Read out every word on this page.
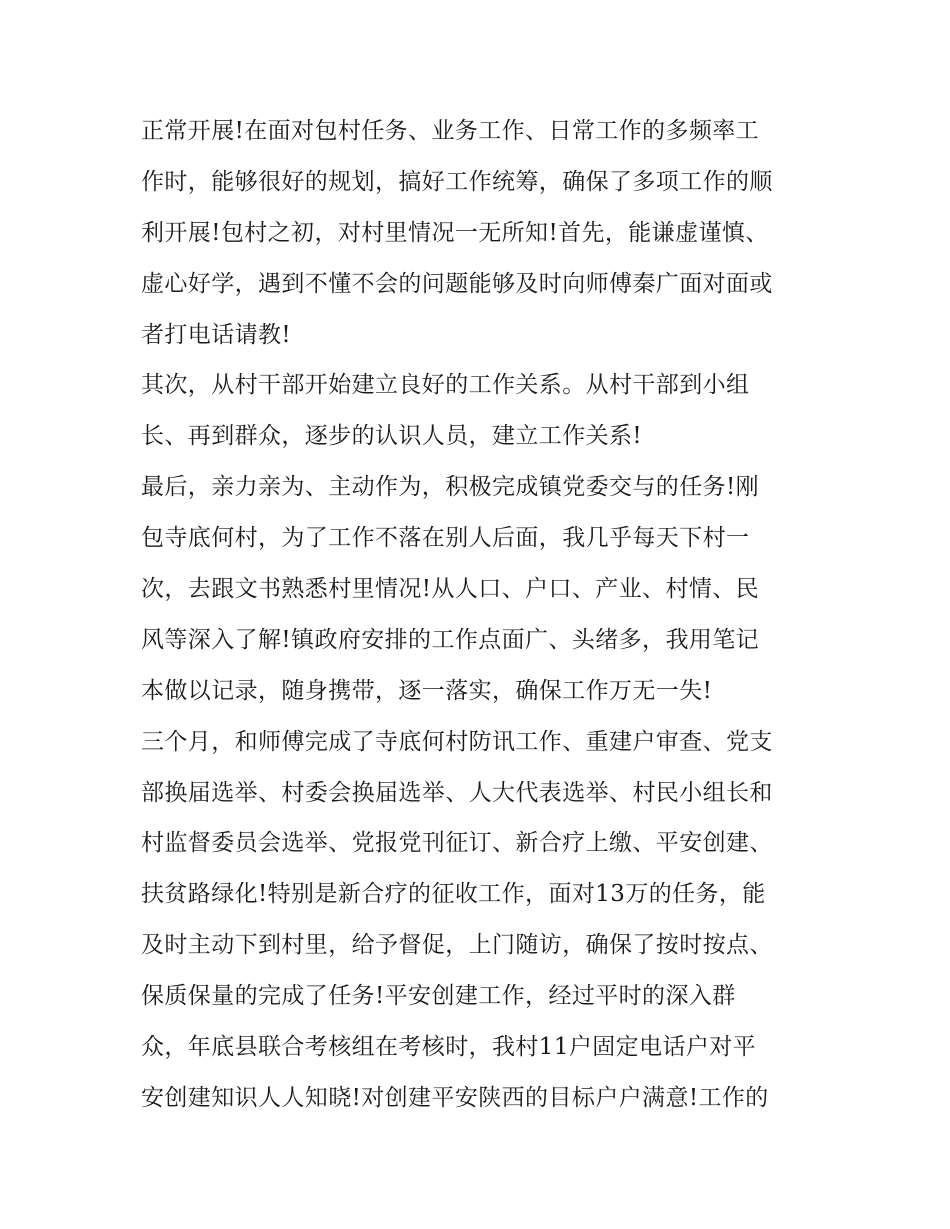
正常开展!在面对包村任务、业务工作、日常工作的多频率工
作时，能够很好的规划，搞好工作统筹，确保了多项工作的顺
利开展!包村之初，对村里情况一无所知!首先，能谦虚谨慎、
虚心好学，遇到不懂不会的问题能够及时向师傅秦广面对面或
者打电话请教!
其次，从村干部开始建立良好的工作关系。从村干部到小组
长、再到群众，逐步的认识人员，建立工作关系!
最后，亲力亲为、主动作为，积极完成镇党委交与的任务!刚
包寺底何村，为了工作不落在别人后面，我几乎每天下村一
次，去跟文书熟悉村里情况!从人口、户口、产业、村情、民
风等深入了解!镇政府安排的工作点面广、头绪多，我用笔记
本做以记录，随身携带，逐一落实，确保工作万无一失!
三个月，和师傅完成了寺底何村防讯工作、重建户审查、党支
部换届选举、村委会换届选举、人大代表选举、村民小组长和
村监督委员会选举、党报党刊征订、新合疗上缴、平安创建、
扶贫路绿化!特别是新合疗的征收工作，面对13万的任务，能
及时主动下到村里，给予督促，上门随访，确保了按时按点、
保质保量的完成了任务!平安创建工作，经过平时的深入群
众，年底县联合考核组在考核时，我村11户固定电话户对平
安创建知识人人知晓!对创建平安陕西的目标户户满意!工作的
